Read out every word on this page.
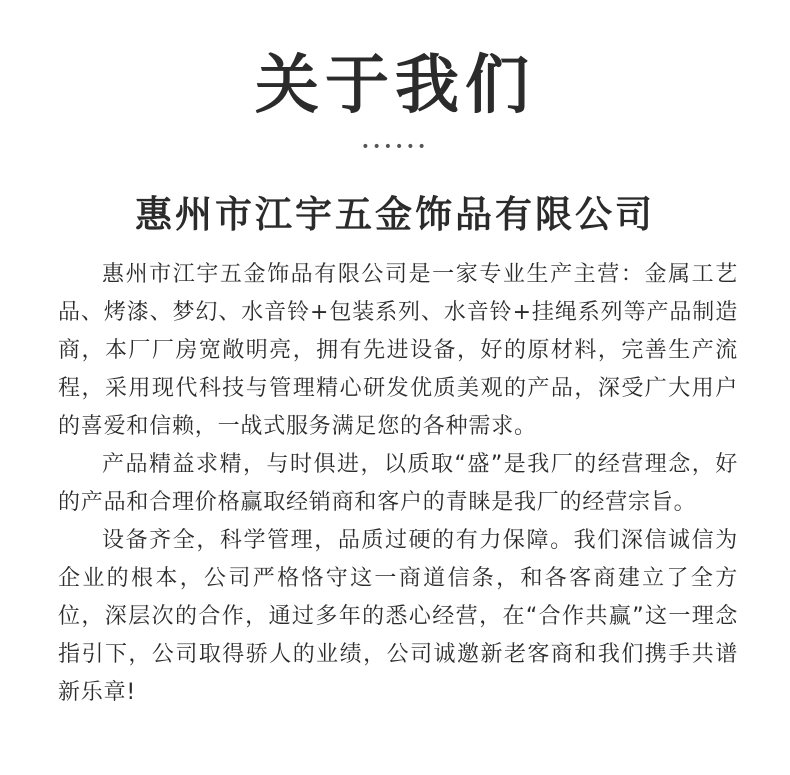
关于我们
••••••
惠州市江宇五金饰品有限公司

惠州市江宇五金饰品有限公司是一家专业生产主营：金属工艺品、烤漆、梦幻、水音铃+包装系列、水音铃+挂绳系列等产品制造商，本厂厂房宽敞明亮，拥有先进设备，好的原材料，完善生产流程，采用现代科技与管理精心研发优质美观的产品，深受广大用户的喜爱和信赖，一战式服务满足您的各种需求。

产品精益求精，与时俱进，以质取“盛”是我厂的经营理念，好的产品和合理价格赢取经销商和客户的青睐是我厂的经营宗旨。

设备齐全，科学管理，品质过硬的有力保障。我们深信诚信为企业的根本，公司严格恪守这一商道信条，和各客商建立了全方位，深层次的合作，通过多年的悉心经营，在“合作共赢”这一理念指引下，公司取得骄人的业绩，公司诚邀新老客商和我们携手共谱新乐章!
